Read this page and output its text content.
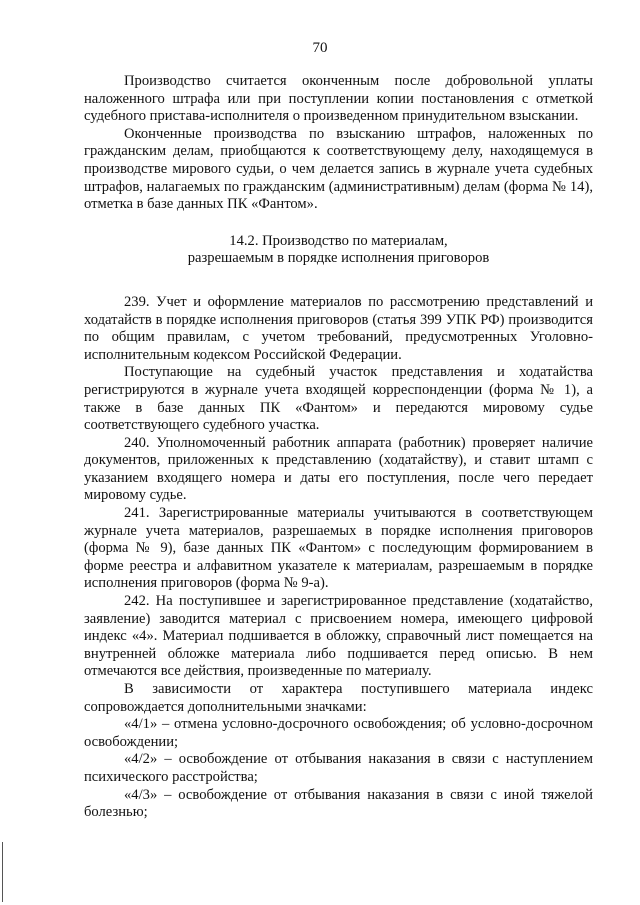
70

Производство считается оконченным после добровольной уплаты наложенного штрафа или при поступлении копии постановления с отметкой судебного пристава-исполнителя о произведенном принудительном взыскании.

Оконченные производства по взысканию штрафов, наложенных по гражданским делам, приобщаются к соответствующему делу, находящемуся в производстве мирового судьи, о чем делается запись в журнале учета судебных штрафов, налагаемых по гражданским (административным) делам (форма № 14), отметка в базе данных ПК «Фантом».

14.2. Производство по материалам,

разрешаемым в порядке исполнения приговоров

239. Учет и оформление материалов по рассмотрению представлений и ходатайств в порядке исполнения приговоров (статья 399 УПК РФ) производится по общим правилам, с учетом требований, предусмотренных Уголовно-исполнительным кодексом Российской Федерации.

Поступающие на судебный участок представления и ходатайства регистрируются в журнале учета входящей корреспонденции (форма № 1), а также в базе данных ПК «Фантом» и передаются мировому судье соответствующего судебного участка.

240. Уполномоченный работник аппарата (работник) проверяет наличие документов, приложенных к представлению (ходатайству), и ставит штамп с указанием входящего номера и даты его поступления, после чего передает мировому судье.

241. Зарегистрированные материалы учитываются в соответствующем журнале учета материалов, разрешаемых в порядке исполнения приговоров (форма № 9), базе данных ПК «Фантом» с последующим формированием в форме реестра и алфавитном указателе к материалам, разрешаемым в порядке исполнения приговоров (форма № 9-а).

242. На поступившее и зарегистрированное представление (ходатайство, заявление) заводится материал с присвоением номера, имеющего цифровой индекс «4». Материал подшивается в обложку, справочный лист помещается на внутренней обложке материала либо подшивается перед описью. В нем отмечаются все действия, произведенные по материалу.

В зависимости от характера поступившего материала индекс сопровождается дополнительными значками:

«4/1» – отмена условно-досрочного освобождения; об условно-досрочном освобождении;

«4/2» – освобождение от отбывания наказания в связи с наступлением психического расстройства;

«4/3» – освобождение от отбывания наказания в связи с иной тяжелой болезнью;
